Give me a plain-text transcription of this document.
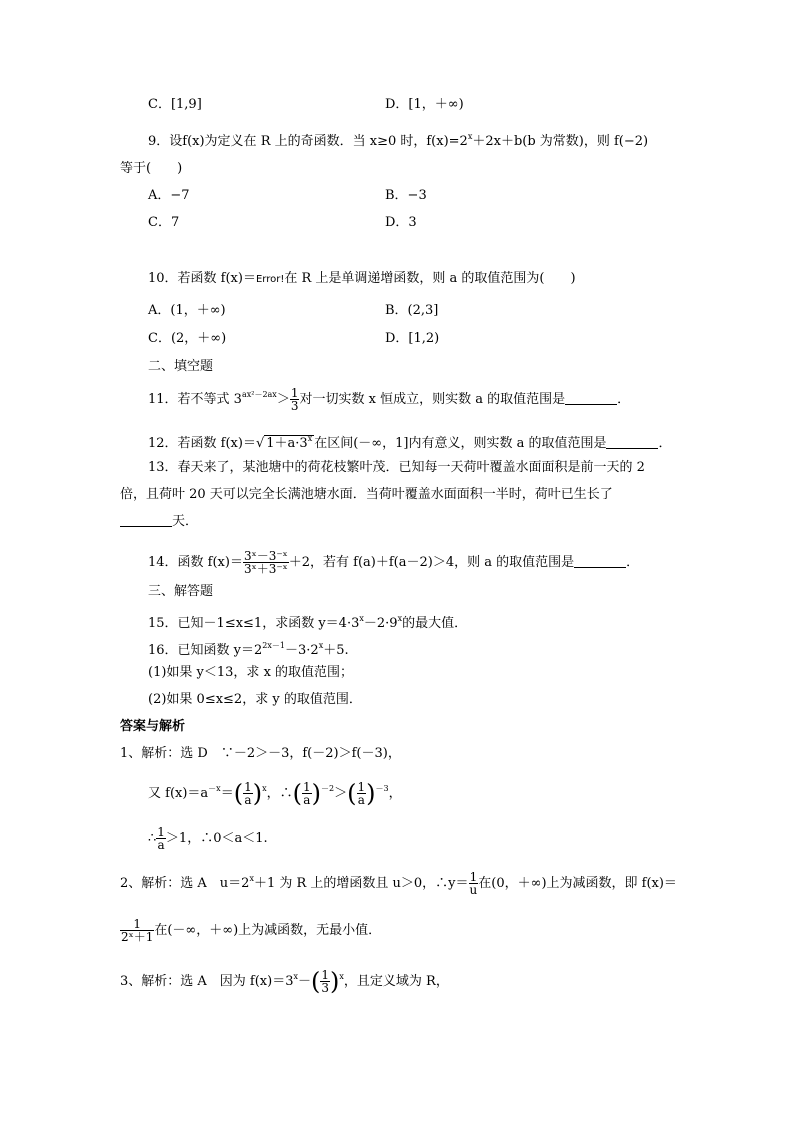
C．[1,9]	D．[1，＋∞)
9．设f(x)为定义在 R 上的奇函数．当 x≥0 时，$f(x)=2^x+2x+b(b$ 为常数)，则 f(−2)
等于(　　)
A．−7	B．−3
C．7	D．3
10．若函数 f(x)＝Error!在 R 上是单调递增函数，则 a 的取值范围为(　　)
A．(1，＋∞)	B．(2,3]
C．(2，＋∞)	D．[1,2)
二、填空题
11．若不等式 $3^{ax^2-2ax}> \frac{1}{3}$ 对一切实数 x 恒成立，则实数 a 的取值范围是	．
12．若函数 f(x)＝√ $1+a\cdot 3^x$ 在区间(－∞，1]内有意义，则实数 a 的取值范围是	．
13．春天来了，某池塘中的荷花枝繁叶茂．已知每一天荷叶覆盖水面面积是前一天的 2
倍，且荷叶 20 天可以完全长满池塘水面．当荷叶覆盖水面面积一半时，荷叶已生长了
天．
14．函数 $f(x)= \frac{\text{3ˣ－3⁻ˣ}}{\text{3ˣ＋3⁻ˣ}} +2$，若有 f(a)＋f(a－2)＞4，则 a 的取值范围是	．
三、解答题
15．已知－1≤x≤1，求函数 $y=4\cdot 3^x-2\cdot 9^x$的最大值．
16．已知函数 $y=2^{2x-1}-3\cdot 2^x+5$.
(1)如果 y＜13，求 x 的取值范围；
(2)如果 0≤x≤2，求 y 的取值范围．
答案与解析
1、解析：选 D　∵－2＞－3，f(－2)＞f(－3)，
又 $f(x)=a^{-x}=( \frac{1}{a} )^x$，∴( $\frac{1}{a} )^{-2}>( \frac{1}{a} )^{-3}$，
∴ $\frac{1}{a} >1$，∴0＜a＜1.
2、解析：选 A　$u=2^x+1$ 为 R 上的增函数且 u＞0，∴y＝ $\frac{1}{u}$ 在(0，＋∞)上为减函数，即 f(x)＝
$\frac{1}{\text{2ˣ＋1}}$ 在(－∞，＋∞)上为减函数，无最小值．
3、解析：选 A　因为 $f(x)=3^x-( \frac{1}{3} )^x$，且定义域为 R，
